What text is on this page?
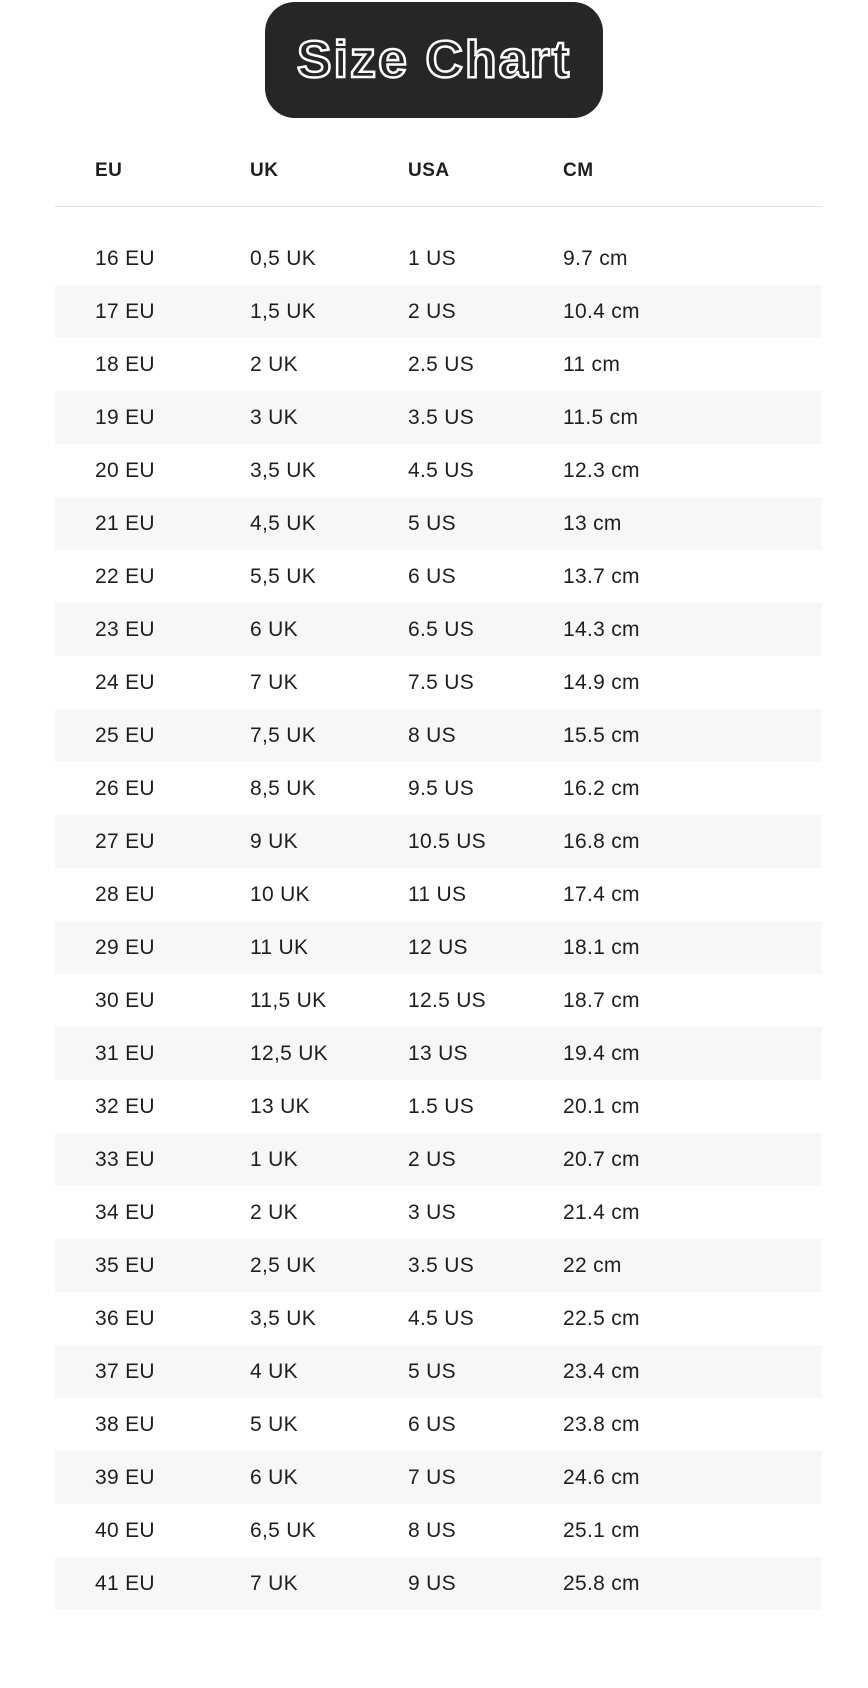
Size Chart
EU	UK	USA	CM
16 EU	0,5 UK	1 US	9.7 cm
17 EU	1,5 UK	2 US	10.4 cm
18 EU	2 UK	2.5 US	11 cm
19 EU	3 UK	3.5 US	11.5 cm
20 EU	3,5 UK	4.5 US	12.3 cm
21 EU	4,5 UK	5 US	13 cm
22 EU	5,5 UK	6 US	13.7 cm
23 EU	6 UK	6.5 US	14.3 cm
24 EU	7 UK	7.5 US	14.9 cm
25 EU	7,5 UK	8 US	15.5 cm
26 EU	8,5 UK	9.5 US	16.2 cm
27 EU	9 UK	10.5 US	16.8 cm
28 EU	10 UK	11 US	17.4 cm
29 EU	11 UK	12 US	18.1 cm
30 EU	11,5 UK	12.5 US	18.7 cm
31 EU	12,5 UK	13 US	19.4 cm
32 EU	13 UK	1.5 US	20.1 cm
33 EU	1 UK	2 US	20.7 cm
34 EU	2 UK	3 US	21.4 cm
35 EU	2,5 UK	3.5 US	22 cm
36 EU	3,5 UK	4.5 US	22.5 cm
37 EU	4 UK	5 US	23.4 cm
38 EU	5 UK	6 US	23.8 cm
39 EU	6 UK	7 US	24.6 cm
40 EU	6,5 UK	8 US	25.1 cm
41 EU	7 UK	9 US	25.8 cm
